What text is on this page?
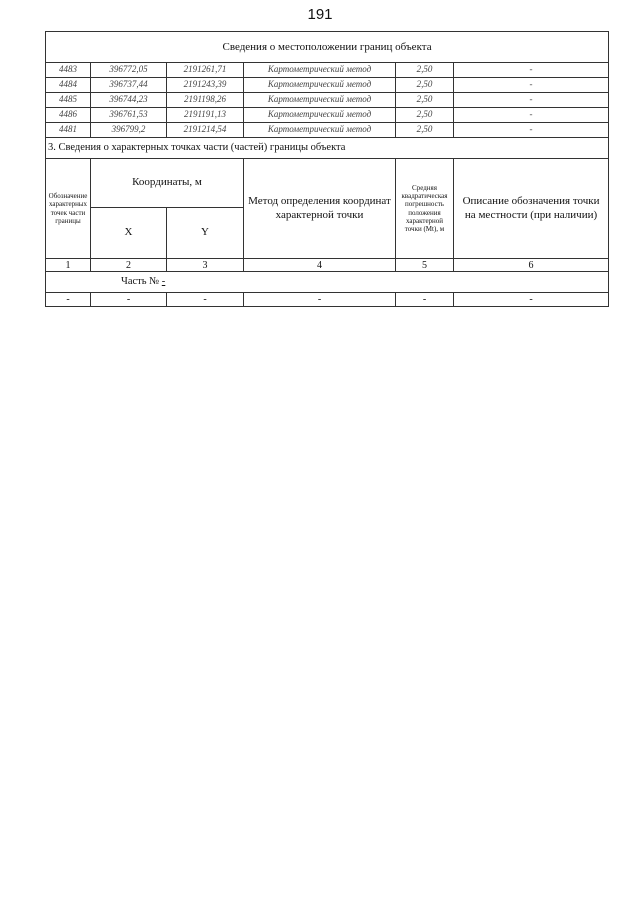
191
Сведения о местоположении границ объекта					
4483	396772,05	2191261,71	Картометрический метод	2,50	-
4484	396737,44	2191243,39	Картометрический метод	2,50	-
4485	396744,23	2191198,26	Картометрический метод	2,50	-
4486	396761,53	2191191,13	Картометрический метод	2,50	-
4481	396799,2	2191214,54	Картометрический метод	2,50	-
3. Сведения о характерных точках части (частей) границы объекта					
Обозначение характерных точек части границы	Координаты, м		Метод определения координат характерной точки	Средняя квадратическая погрешность положения характерной точки (Mt), м	Описание обозначения точки на местности (при наличии)
	X	Y			
1	2	3	4	5	6
Часть № -					
-	-	-	-	-	-
